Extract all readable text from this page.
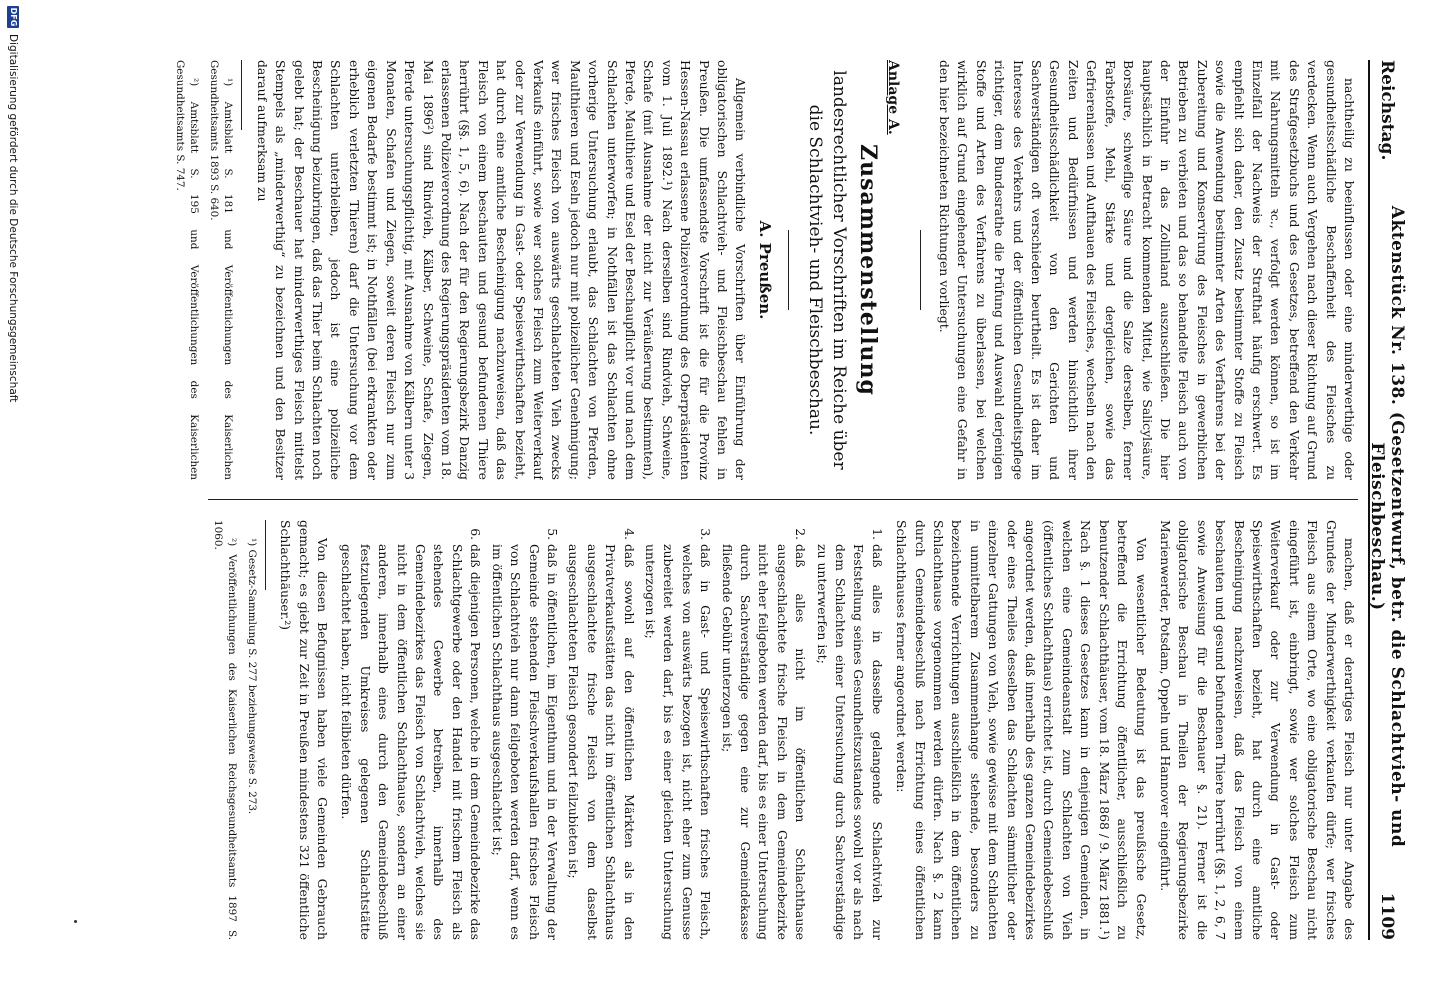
Reichstag.
Aktenstück Nr. 138. (Gesetzentwurf, betr. die Schlachtvieh- und Fleischbeschau.)
1109

nachtheilig zu beeinflussen oder eine minderwerthige oder gesundheitsschädliche Beschaffenheit des Fleisches zu verdecken. Wenn auch Vergehen nach dieser Richtung auf Grund des Strafgesetzbuchs und des Gesetzes, betreffend den Verkehr mit Nahrungsmitteln ꝛc., verfolgt werden können, so ist im Einzelfall der Nachweis der Strafthat häufig erschwert. Es empfiehlt sich daher, den Zusatz bestimmter Stoffe zu Fleisch sowie die Anwendung bestimmter Arten des Verfahrens bei der Zubereitung und Konservirung des Fleisches in gewerblichen Betrieben zu verbieten und das so behandelte Fleisch auch von der Einfuhr in das Zollinland auszuschließen. Die hier hauptsächlich in Betracht kommenden Mittel, wie Salicylsäure, Borsäure, schweflige Säure und die Salze derselben, ferner Farbstoffe, Mehl, Stärke und dergleichen, sowie das Gefrierenlassen und Aufthauen des Fleisches, wechseln nach den Zeiten und Bedürfnissen und werden hinsichtlich ihrer Gesundheitsschädlichkeit von den Gerichten und Sachverständigen oft verschieden beurtheilt. Es ist daher im Interesse des Verkehrs und der öffentlichen Gesundheitspflege richtiger, dem Bundesrathe die Prüfung und Auswahl derjenigen Stoffe und Arten des Verfahrens zu überlassen, bei welchen wirklich auf Grund eingehender Untersuchungen eine Gefahr in den hier bezeichneten Richtungen vorliegt.

Anlage A.
Zusammenstellung
landesrechtlicher Vorschriften im Reiche über die Schlachtvieh- und Fleischbeschau.
A. Preußen.

Allgemein verbindliche Vorschriften über Einführung der obligatorischen Schlachtvieh- und Fleischbeschau fehlen in Preußen. Die umfassendste Vorschrift ist die für die Provinz Hessen-Nassau erlassene Polizeiverordnung des Oberpräsidenten vom 1. Juli 1892.¹) Nach derselben sind Rindvieh, Schweine, Schafe (mit Ausnahme der nicht zur Veräußerung bestimmten), Pferde, Maulthiere und Esel der Beschaupflicht vor und nach dem Schlachten unterworfen; in Nothfällen ist das Schlachten ohne vorherige Untersuchung erlaubt, das Schlachten von Pferden, Maulthieren und Eseln jedoch nur mit polizeilicher Genehmigung; wer frisches Fleisch von auswärts geschlachteten Vieh zwecks Verkaufs einführt, sowie wer solches Fleisch zum Weiterverkauf oder zur Verwendung in Gast- oder Speisewirthschaften bezieht, hat durch eine amtliche Bescheinigung nachzuweisen, daß das Fleisch von einem beschauten und gesund befundenen Thiere herrührt (§§. 1, 5, 6). Nach der für den Regierungsbezirk Danzig erlassenen Polizeiverordnung des Regierungspräsidenten vom 18. Mai 1896²) sind Rindvieh, Kälber, Schweine, Schafe, Ziegen, Pferde untersuchungspflichtig, mit Ausnahme von Kälbern unter 3 Monaten, Schafen und Ziegen, soweit deren Fleisch nur zum eigenen Bedarfe bestimmt ist; in Nothfällen (bei erkrankten oder erheblich verletzten Thieren) darf die Untersuchung vor dem Schlachten unterbleiben, jedoch ist eine polizeiliche Bescheinigung beizubringen, daß das Thier beim Schlachten noch gelebt hat; der Beschauer hat minderwerthiges Fleisch mittelst Stempels als „minderwerthig“ zu bezeichnen und den Besitzer darauf aufmerksam zu

¹) Amtsblatt S. 181 und Veröffentlichungen des Kaiserlichen Gesundheitsamts 1893 S. 640.

²) Amtsblatt S. 195 und Veröffentlichungen des Kaiserlichen Gesundheitsamts S. 747.

machen, daß er derartiges Fleisch nur unter Angabe des Grundes der Minderwerthigkeit verkaufen dürfe; wer frisches Fleisch aus einem Orte, wo eine obligatorische Beschau nicht eingeführt ist, einbringt, sowie wer solches Fleisch zum Weiterverkauf oder zur Verwendung in Gast- oder Speisewirthschaften bezieht, hat durch eine amtliche Bescheinigung nachzuweisen, daß das Fleisch von einem beschauten und gesund befundenen Thiere herrührt (§§. 1, 2, 6, 7 sowie Anweisung für die Beschauer §. 21). Ferner ist die obligatorische Beschau in Theilen der Regierungsbezirke Marienwerder, Potsdam, Oppeln und Hannover eingeführt.

Von wesentlicher Bedeutung ist das preußische Gesetz, betreffend die Errichtung öffentlicher, ausschließlich zu benutzender Schlachthäuser, vom 18. März 1868 / 9. März 1881.¹) Nach §. 1 dieses Gesetzes kann in denjenigen Gemeinden, in welchen eine Gemeindeanstalt zum Schlachten von Vieh (öffentliches Schlachthaus) errichtet ist, durch Gemeindebeschluß angeordnet werden, daß innerhalb des ganzen Gemeindebezirkes oder eines Theiles desselben das Schlachten sämmtlicher oder einzelner Gattungen von Vieh, sowie gewisse mit dem Schlachten in unmittelbarem Zusammenhange stehende, besonders zu bezeichnende Verrichtungen ausschließlich in dem öffentlichen Schlachthause vorgenommen werden dürfen. Nach §. 2 kann durch Gemeindebeschluß nach Errichtung eines öffentlichen Schlachthauses ferner angeordnet werden:

1. daß alles in dasselbe gelangende Schlachtvieh zur Feststellung seines Gesundheitszustandes sowohl vor als nach dem Schlachten einer Untersuchung durch Sachverständige zu unterwerfen ist;
2. daß alles nicht im öffentlichen Schlachthause ausgeschlachtete frische Fleisch in dem Gemeindebezirke nicht eher feilgeboten werden darf, bis es einer Untersuchung durch Sachverständige gegen eine zur Gemeindekasse fließende Gebühr unterzogen ist;
3. daß in Gast- und Speisewirthschaften frisches Fleisch, welches von auswärts bezogen ist, nicht eher zum Genusse zubereitet werden darf, bis es einer gleichen Untersuchung unterzogen ist;
4. daß sowohl auf den öffentlichen Märkten als in den Privatverkaufsstätten das nicht im öffentlichen Schlachthaus ausgeschlachtete frische Fleisch von dem daselbst ausgeschlachteten Fleisch gesondert feilzubieten ist;
5. daß in öffentlichen, im Eigenthum und in der Verwaltung der Gemeinde stehenden Fleischverkaufshallen frisches Fleisch von Schlachtvieh nur dann feilgeboten werden darf, wenn es im öffentlichen Schlachthaus ausgeschlachtet ist;
6. daß diejenigen Personen, welche in dem Gemeindebezirke das Schlachtgewerbe oder den Handel mit frischem Fleisch als stehendes Gewerbe betreiben, innerhalb des Gemeindebezirkes das Fleisch von Schlachtvieh, welches sie nicht in dem öffentlichen Schlachthause, sondern an einer anderen, innerhalb eines durch den Gemeindebeschluß festzulegenden Umkreises gelegenen Schlachtstätte geschlachtet haben, nicht feilbieten dürfen.

Von diesen Befugnissen haben viele Gemeinden Gebrauch gemacht; es giebt zur Zeit in Preußen mindestens 321 öffentliche Schlachthäuser.²)

¹) Gesetz-Sammlung S. 277 beziehungsweise S. 273.

²) Veröffentlichungen des Kaiserlichen Reichsgesundheitsamts 1897 S. 1060.

DFG
Digitalisierung gefördert durch die Deutsche Forschungsgemeinschaft
